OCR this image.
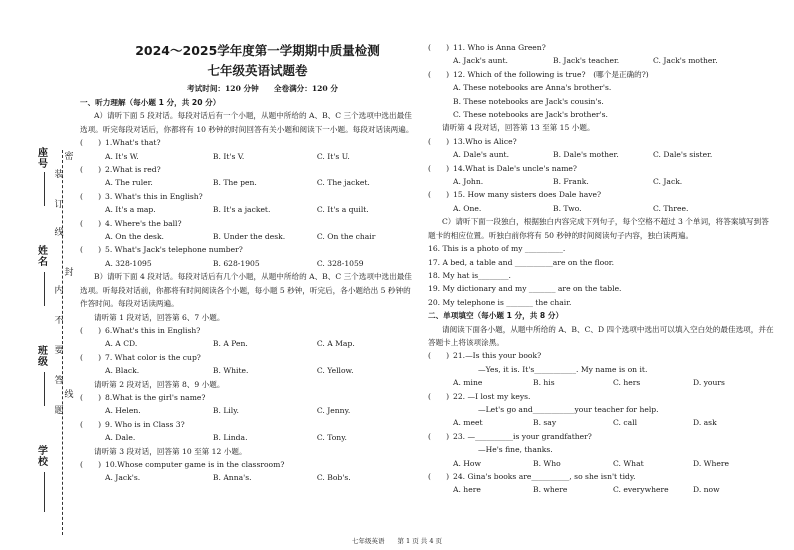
座号
姓名
班级
学校
装
订
线
内
不
要
答
题
密
封
线
2024～2025学年度第一学期期中质量检测
七年级英语试题卷
考试时间：120 分钟　　全卷满分：120 分
一、听力理解（每小题 1 分，共 20 分）
A）请听下面 5 段对话。每段对话后有一个小题，从题中所给的 A、B、C 三个选项中选出最佳选项。听完每段对话后，你都将有 10 秒钟的时间回答有关小题和阅读下一小题。每段对话读两遍。
(　　) 1.What's that?
A. It's W.	B. It's V.	C. It's U.
(　　) 2.What is red?
A. The ruler.	B. The pen.	C. The jacket.
(　　) 3. What's this in English?
A. It's a map.	B. It's a jacket.	C. It's a quilt.
(　　) 4. Where's the ball?
A. On the desk.	B. Under the desk.	C. On the chair
(　　) 5. What's Jack's telephone number?
A. 328-1095	B. 628-1905	C. 328-1059
B）请听下面 4 段对话。每段对话后有几个小题，从题中所给的 A、B、C 三个选项中选出最佳选项。听每段对话前，你都将有时间阅读各个小题，每小题 5 秒钟，听完后，各小题给出 5 秒钟的作答时间。每段对话读两遍。
请听第 1 段对话，回答第 6、7 小题。
(　　) 6.What's this in English?
A. A CD.	B. A Pen.	C. A Map.
(　　) 7. What color is the cup?
A. Black.	B. White.	C. Yellow.
请听第 2 段对话，回答第 8、9 小题。
(　　) 8.What is the girl's name?
A. Helen.	B. Lily.	C. Jenny.
(　　) 9. Who is in Class 3?
A. Dale.	B. Linda.	C. Tony.
请听第 3 段对话，回答第 10 至第 12 小题。
(　　) 10.Whose computer game is in the classroom?
A. Jack's.	B. Anna's.	C. Bob's.
(　　) 11. Who is Anna Green?
A. Jack's aunt.	B. Jack's teacher.	C. Jack's mother.
(　　) 12. Which of the following is true?　(哪个是正确的?)
A. These notebooks are Anna's brother's.
B. These notebooks are Jack's cousin's.
C. These notebooks are Jack's brother's.
请听第 4 段对话，回答第 13 至第 15 小题。
(　　) 13.Who is Alice?
A. Dale's aunt.	B. Dale's mother.	C. Dale's sister.
(　　) 14.What is Dale's uncle's name?
A. John.	B. Frank.	C. Jack.
(　　) 15. How many sisters does Dale have?
A. One.	B. Two.	C. Three.
C）请听下面一段独白，根据独白内容完成下列句子，每个空格不超过 3 个单词，将答案填写到答题卡的相应位置。听独白前你将有 50 秒钟的时间阅读句子内容，独白读两遍。
16. This is a photo of my __________.
17. A bed, a table and __________are on the floor.
18. My hat is________.
19. My dictionary and my _______ are on the table.
20. My telephone is _______ the chair.
二、单项填空（每小题 1 分，共 8 分）
请阅读下面各小题，从题中所给的 A、B、C、D 四个选项中选出可以填入空白处的最佳选项，并在答题卡上将该项涂黑。
(　　) 21.—Is this your book?
—Yes, it is. It's___________. My name is on it.
A. mine	B. his	C. hers	D. yours
(　　) 22. —I lost my keys.
—Let's go and___________your teacher for help.
A. meet	B. say	C. call	D. ask
(　　) 23. —__________is your grandfather?
—He's fine, thanks.
A. How	B. Who	C. What	D. Where
(　　) 24. Gina's books are__________, so she isn't tidy.
A. here	B. where	C. everywhere	D. now
七年级英语　　第 1 页 共 4 页
